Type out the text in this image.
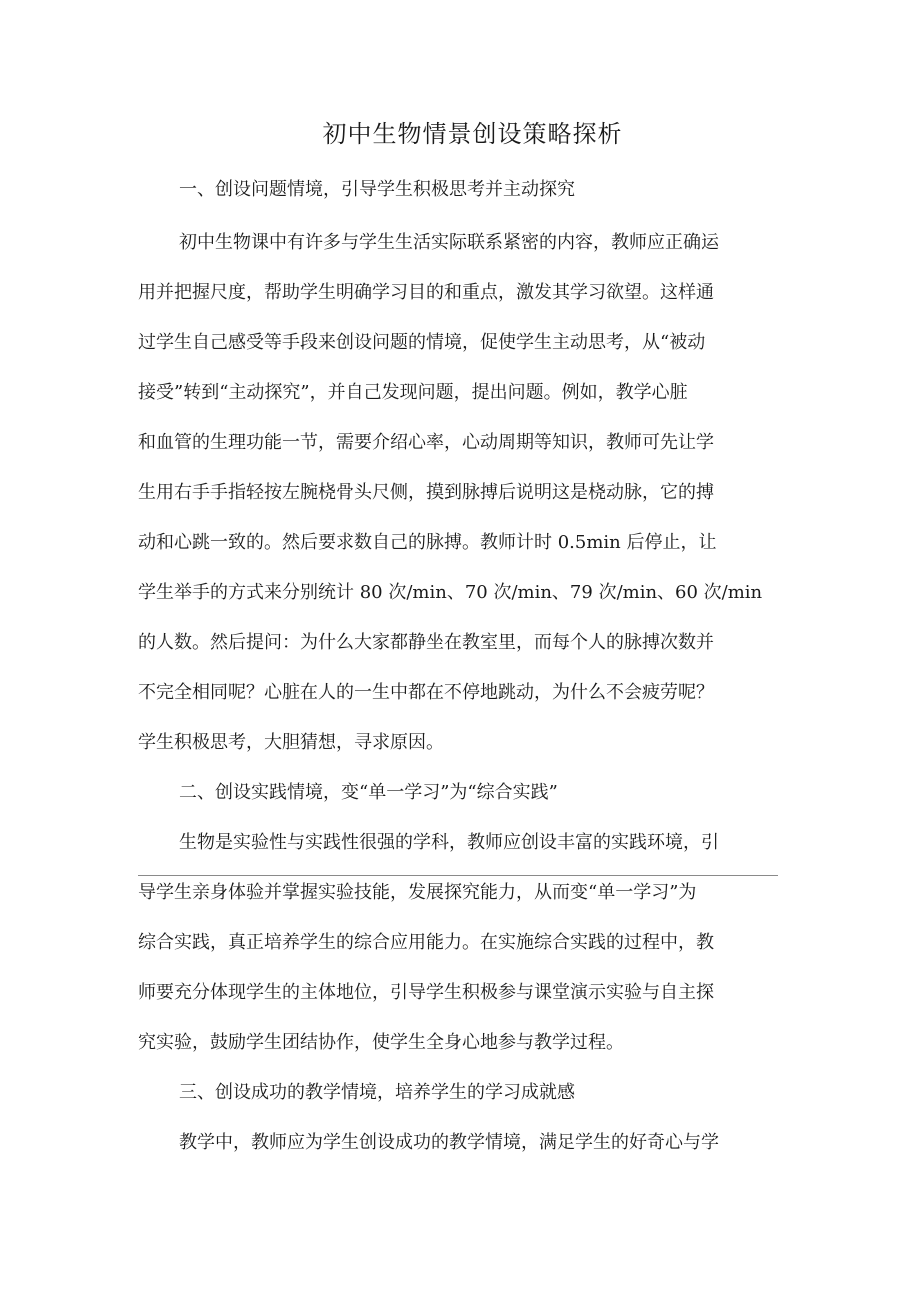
初中生物情景创设策略探析
一、创设问题情境，引导学生积极思考并主动探究
初中生物课中有许多与学生生活实际联系紧密的内容，教师应正确运
用并把握尺度，帮助学生明确学习目的和重点，激发其学习欲望。这样通
过学生自己感受等手段来创设问题的情境，促使学生主动思考，从“被动
接受”转到“主动探究”，并自己发现问题，提出问题。例如，教学心脏
和血管的生理功能一节，需要介绍心率，心动周期等知识，教师可先让学
生用右手手指轻按左腕桡骨头尺侧，摸到脉搏后说明这是桡动脉，它的搏
动和心跳一致的。然后要求数自己的脉搏。教师计时 0.5min 后停止，让
学生举手的方式来分别统计 80 次/min、70 次/min、79 次/min、60 次/min
的人数。然后提问：为什么大家都静坐在教室里，而每个人的脉搏次数并
不完全相同呢？心脏在人的一生中都在不停地跳动，为什么不会疲劳呢？
学生积极思考，大胆猜想，寻求原因。
二、创设实践情境，变“单一学习”为“综合实践”
生物是实验性与实践性很强的学科，教师应创设丰富的实践环境，引
导学生亲身体验并掌握实验技能，发展探究能力，从而变“单一学习”为
综合实践，真正培养学生的综合应用能力。在实施综合实践的过程中，教
师要充分体现学生的主体地位，引导学生积极参与课堂演示实验与自主探
究实验，鼓励学生团结协作，使学生全身心地参与教学过程。
三、创设成功的教学情境，培养学生的学习成就感
教学中，教师应为学生创设成功的教学情境，满足学生的好奇心与学
